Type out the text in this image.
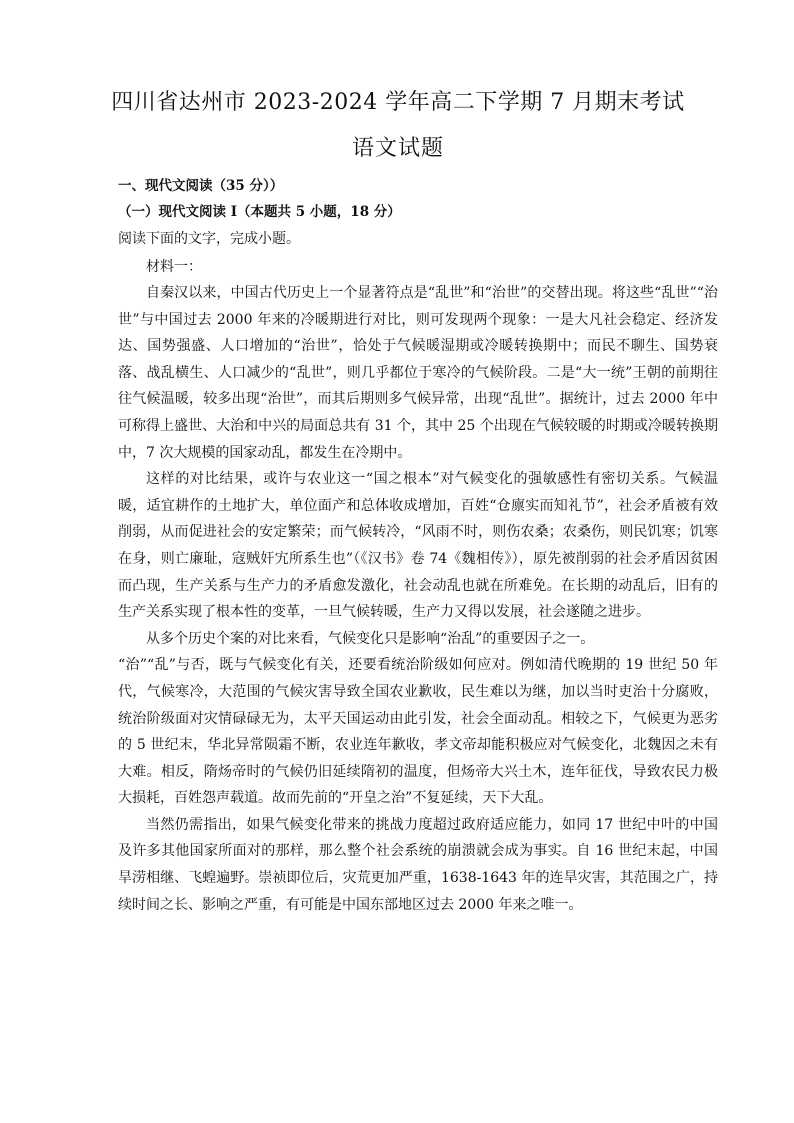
四川省达州市 2023-2024 学年高二下学期 7 月期末考试
语文试题

一、现代文阅读（35 分））

（一）现代文阅读 I（本题共 5 小题，18 分）

阅读下面的文字，完成小题。

材料一：

自秦汉以来，中国古代历史上一个显著符点是“乱世”和“治世”的交替出现。将这些“乱世”“治世”与中国过去 2000 年来的冷暖期进行对比，则可发现两个现象：一是大凡社会稳定、经济发达、国势强盛、人口增加的“治世”，恰处于气候暖湿期或冷暖转换期中；而民不聊生、国势衰落、战乱横生、人口减少的“乱世”，则几乎都位于寒冷的气候阶段。二是“大一统”王朝的前期往往气候温暖，较多出现“治世”，而其后期则多气候异常，出现“乱世”。据统计，过去 2000 年中可称得上盛世、大治和中兴的局面总共有 31 个，其中 25 个出现在气候较暖的时期或冷暖转换期中，7 次大规模的国家动乱，都发生在冷期中。

这样的对比结果，或许与农业这一“国之根本”对气候变化的强敏感性有密切关系。气候温暖，适宜耕作的土地扩大，单位面产和总体收成增加，百姓“仓廪实而知礼节”，社会矛盾被有效削弱，从而促进社会的安定繁荣；而气候转冷，“风雨不时，则伤农桑；农桑伤，则民饥寒；饥寒在身，则亡廉耻，寇贼奸宄所系生也”（《汉书》卷 74《魏相传》），原先被削弱的社会矛盾因贫困而凸现，生产关系与生产力的矛盾愈发激化，社会动乱也就在所难免。在长期的动乱后，旧有的生产关系实现了根本性的变革，一旦气候转暖，生产力又得以发展，社会遂随之进步。

从多个历史个案的对比来看，气候变化只是影响“治乱”的重要因子之一。

“治”“乱”与否，既与气候变化有关，还要看统治阶级如何应对。例如清代晚期的 19 世纪 50 年代，气候寒冷，大范围的气候灾害导致全国农业歉收，民生难以为继，加以当时吏治十分腐败，统治阶级面对灾情碌碌无为，太平天国运动由此引发，社会全面动乱。相较之下，气候更为恶劣的 5 世纪末，华北异常陨霜不断，农业连年歉收，孝文帝却能积极应对气候变化，北魏因之未有大难。相反，隋炀帝时的气候仍旧延续隋初的温度，但炀帝大兴土木，连年征伐，导致农民力极大损耗，百姓怨声载道。故而先前的“开皇之治”不复延续，天下大乱。

当然仍需指出，如果气候变化带来的挑战力度超过政府适应能力，如同 17 世纪中叶的中国及许多其他国家所面对的那样，那么整个社会系统的崩溃就会成为事实。自 16 世纪末起，中国旱涝相继、飞蝗遍野。崇祯即位后，灾荒更加严重，1638-1643 年的连旱灾害，其范围之广，持续时间之长、影响之严重，有可能是中国东部地区过去 2000 年来之唯一。
